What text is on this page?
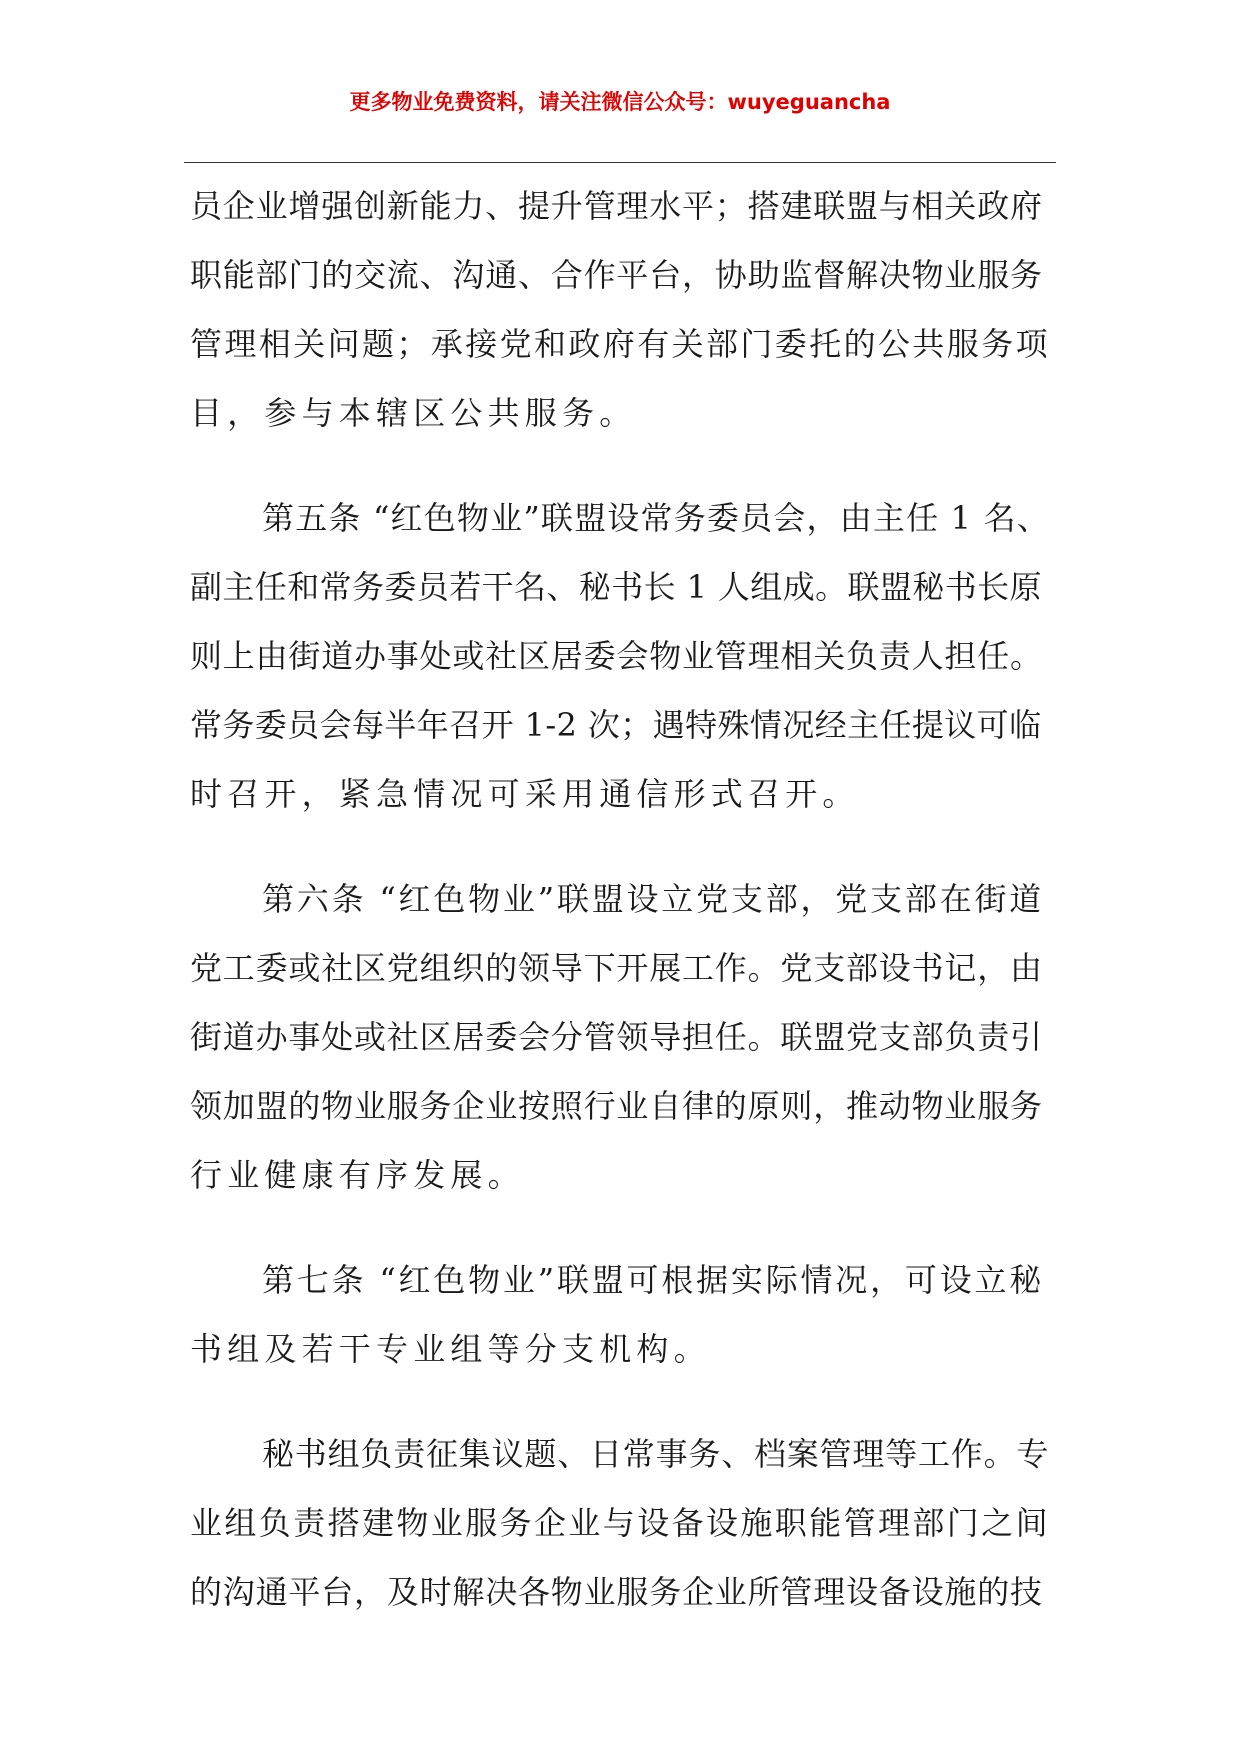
更多物业免费资料，请关注微信公众号：wuyeguancha
员企业增强创新能力、提升管理水平；搭建联盟与相关政府
职能部门的交流、沟通、合作平台，协助监督解决物业服务
管理相关问题；承接党和政府有关部门委托的公共服务项
目，参与本辖区公共服务。
第五条 “红色物业”联盟设常务委员会，由主任 1 名、
副主任和常务委员若干名、秘书长 1 人组成。联盟秘书长原
则上由街道办事处或社区居委会物业管理相关负责人担任。
常务委员会每半年召开 1-2 次；遇特殊情况经主任提议可临
时召开，紧急情况可采用通信形式召开。
第六条 “红色物业”联盟设立党支部，党支部在街道
党工委或社区党组织的领导下开展工作。党支部设书记，由
街道办事处或社区居委会分管领导担任。联盟党支部负责引
领加盟的物业服务企业按照行业自律的原则，推动物业服务
行业健康有序发展。
第七条 “红色物业”联盟可根据实际情况，可设立秘
书组及若干专业组等分支机构。
秘书组负责征集议题、日常事务、档案管理等工作。专
业组负责搭建物业服务企业与设备设施职能管理部门之间
的沟通平台，及时解决各物业服务企业所管理设备设施的技
